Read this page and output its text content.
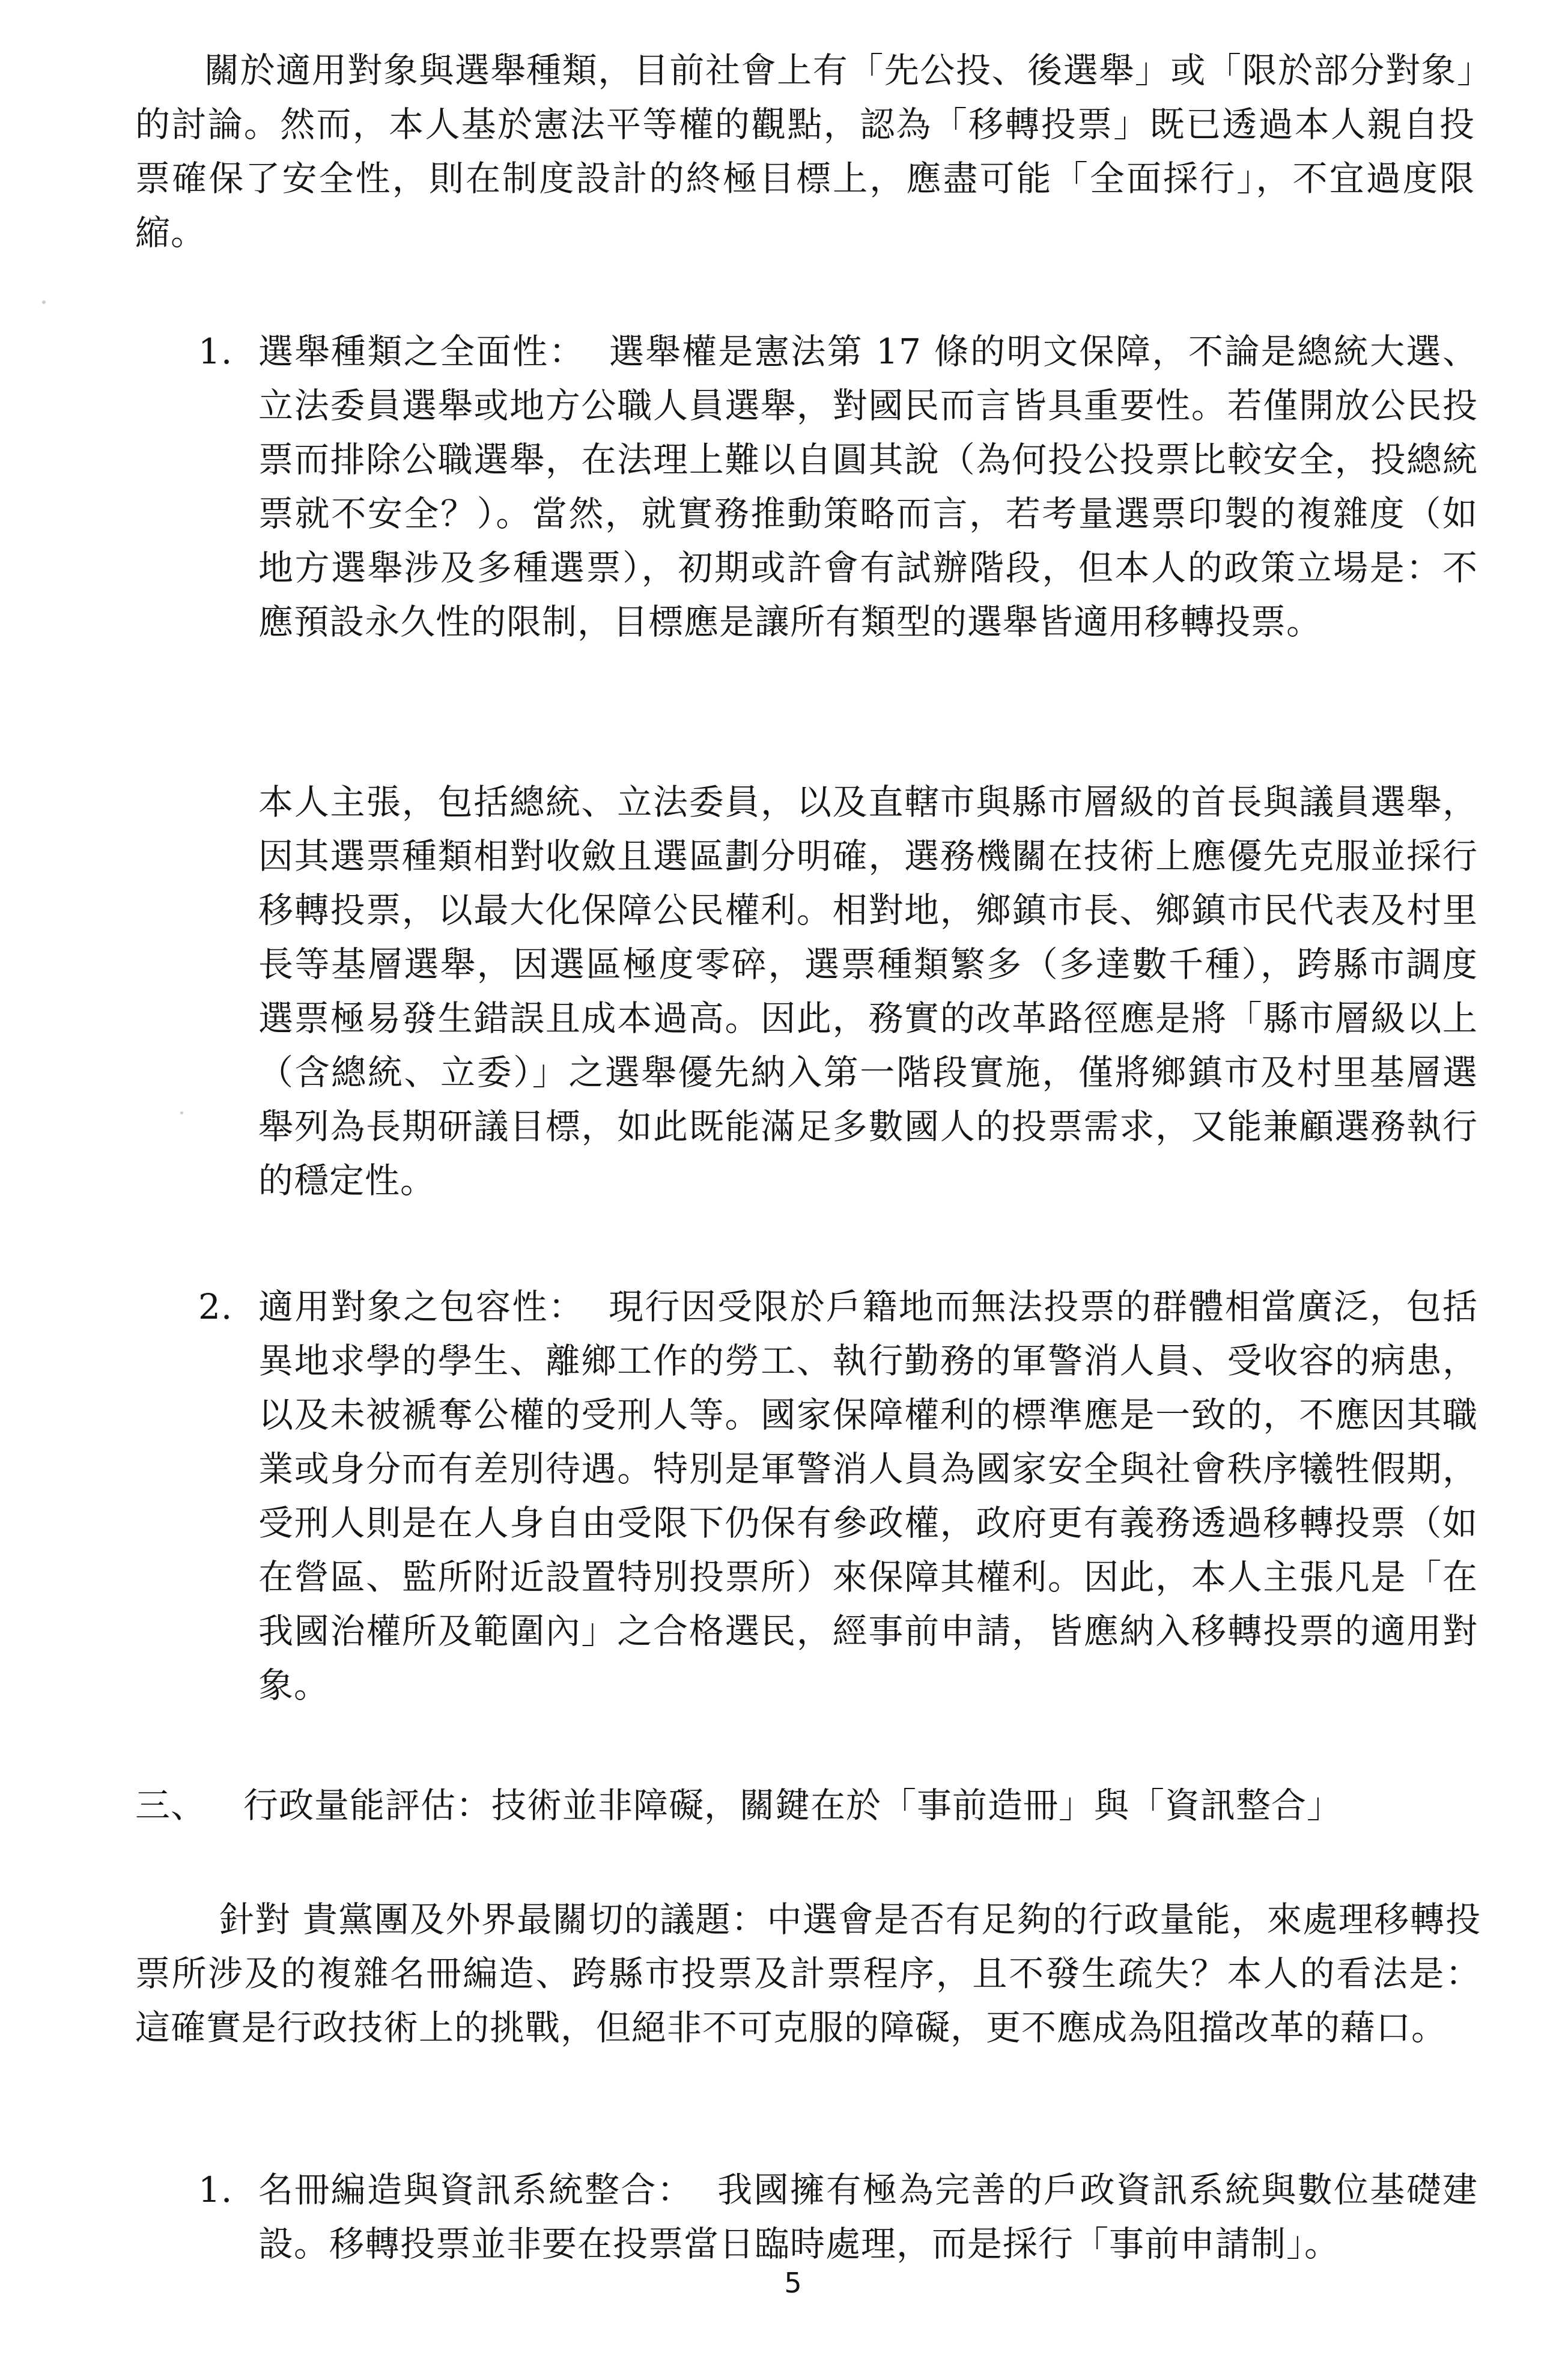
關於適用對象與選舉種類，目前社會上有「先公投、後選舉」或「限於部分對象」的討論。然而，本人基於憲法平等權的觀點，認為「移轉投票」既已透過本人親自投票確保了安全性，則在制度設計的終極目標上，應盡可能「全面採行」，不宜過度限縮。

1. 選舉種類之全面性： 選舉權是憲法第 17 條的明文保障，不論是總統大選、立法委員選舉或地方公職人員選舉，對國民而言皆具重要性。若僅開放公民投票而排除公職選舉，在法理上難以自圓其說（為何投公投票比較安全，投總統票就不安全？）。當然，就實務推動策略而言，若考量選票印製的複雜度（如地方選舉涉及多種選票），初期或許會有試辦階段，但本人的政策立場是：不應預設永久性的限制，目標應是讓所有類型的選舉皆適用移轉投票。

本人主張，包括總統、立法委員，以及直轄市與縣市層級的首長與議員選舉，因其選票種類相對收斂且選區劃分明確，選務機關在技術上應優先克服並採行移轉投票，以最大化保障公民權利。相對地，鄉鎮市長、鄉鎮市民代表及村里長等基層選舉，因選區極度零碎，選票種類繁多（多達數千種），跨縣市調度選票極易發生錯誤且成本過高。因此，務實的改革路徑應是將「縣市層級以上（含總統、立委）」之選舉優先納入第一階段實施，僅將鄉鎮市及村里基層選舉列為長期研議目標，如此既能滿足多數國人的投票需求，又能兼顧選務執行的穩定性。

2. 適用對象之包容性： 現行因受限於戶籍地而無法投票的群體相當廣泛，包括異地求學的學生、離鄉工作的勞工、執行勤務的軍警消人員、受收容的病患，以及未被褫奪公權的受刑人等。國家保障權利的標準應是一致的，不應因其職業或身分而有差別待遇。特別是軍警消人員為國家安全與社會秩序犧牲假期，受刑人則是在人身自由受限下仍保有參政權，政府更有義務透過移轉投票（如在營區、監所附近設置特別投票所）來保障其權利。因此，本人主張凡是「在我國治權所及範圍內」之合格選民，經事前申請，皆應納入移轉投票的適用對象。
三、 行政量能評估：技術並非障礙，關鍵在於「事前造冊」與「資訊整合」

針對 貴黨團及外界最關切的議題：中選會是否有足夠的行政量能，來處理移轉投票所涉及的複雜名冊編造、跨縣市投票及計票程序，且不發生疏失？本人的看法是：這確實是行政技術上的挑戰，但絕非不可克服的障礙，更不應成為阻擋改革的藉口。

1. 名冊編造與資訊系統整合： 我國擁有極為完善的戶政資訊系統與數位基礎建設。移轉投票並非要在投票當日臨時處理，而是採行「事前申請制」。
5
